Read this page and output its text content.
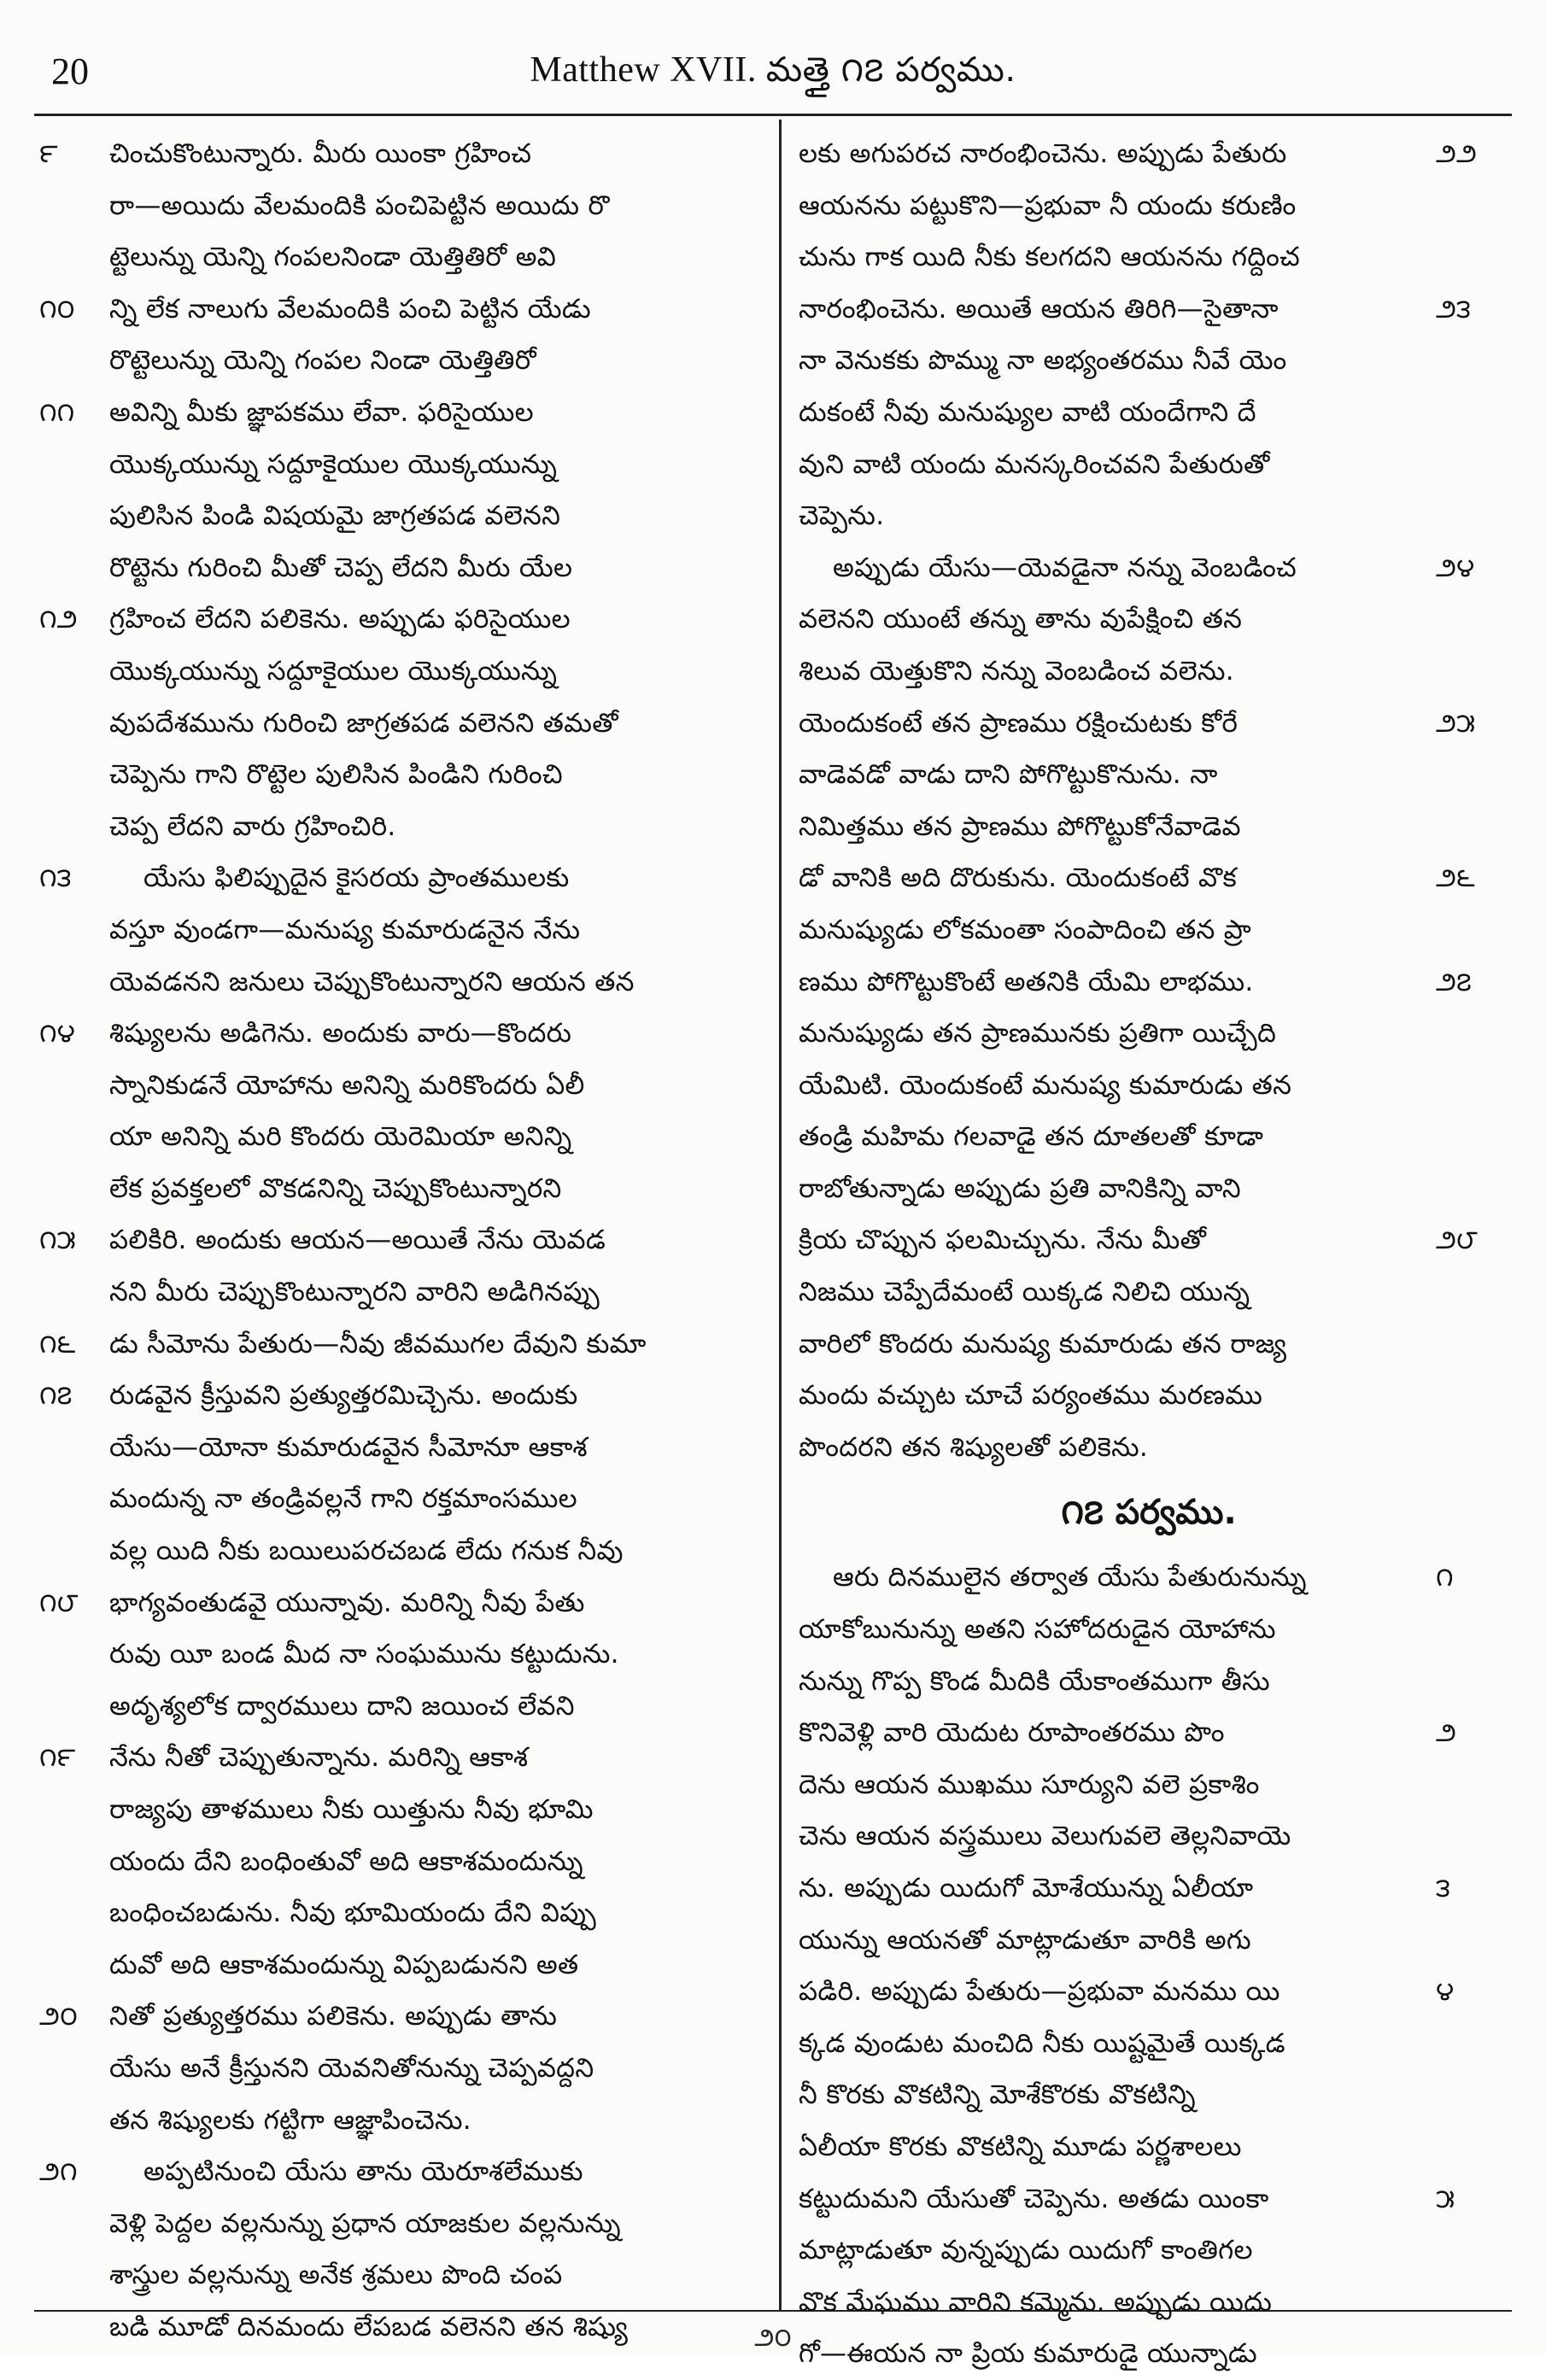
20	Matthew XVII. మత్తై ౧౭ పర్వము.
౯	చించుకొంటున్నారు. మీరు యింకా గ్రహించ
రా—అయిదు వేలమందికి పంచిపెట్టిన అయిదు రొ
ట్టెలున్ను యెన్ని గంపలనిండా యెత్తితిరో అవి
౧౦	న్ని లేక నాలుగు వేలమందికి పంచి పెట్టిన యేడు
రొట్టెలున్ను యెన్ని గంపల నిండా యెత్తితిరో
౧౧	అవిన్ని మీకు జ్ఞాపకము లేవా. ఫరిసైయుల
యొక్కయున్ను సద్దూకైయుల యొక్కయున్ను
పులిసిన పిండి విషయమై జాగ్రతపడ వలెనని
రొట్టెను గురించి మీతో చెప్ప లేదని మీరు యేల
౧౨	గ్రహించ లేదని పలికెను. అప్పుడు ఫరిసైయుల
యొక్కయున్ను సద్దూకైయుల యొక్కయున్ను
వుపదేశమును గురించి జాగ్రతపడ వలెనని తమతో
చెప్పెను గాని రొట్టెల పులిసిన పిండిని గురించి
చెప్ప లేదని వారు గ్రహించిరి.
౧౩	యేసు ఫిలిప్పుదైన కైసరయ ప్రాంతములకు
వస్తూ వుండగా—మనుష్య కుమారుడనైన నేను
యెవడనని జనులు చెప్పుకొంటున్నారని ఆయన తన
౧౪	శిష్యులను అడిగెను. అందుకు వారు—కొందరు
స్నానికుడనే యోహాను అనిన్ని మరికొందరు ఏలీ
యా అనిన్ని మరి కొందరు యెరెమియా అనిన్ని
లేక ప్రవక్తలలో వొకడనిన్ని చెప్పుకొంటున్నారని
౧౫	పలికిరి. అందుకు ఆయన—అయితే నేను యెవడ
నని మీరు చెప్పుకొంటున్నారని వారిని అడిగినప్పు
౧౬	డు సీమోను పేతురు—నీవు జీవముగల దేవుని కుమా
౧౭	రుడవైన క్రీస్తువని ప్రత్యుత్తరమిచ్చెను. అందుకు
యేసు—యోనా కుమారుడవైన సీమోనూ ఆకాశ
మందున్న నా తండ్రివల్లనే గాని రక్తమాంసముల
వల్ల యిది నీకు బయిలుపరచబడ లేదు గనుక నీవు
౧౮	భాగ్యవంతుడవై యున్నావు. మరిన్ని నీవు పేతు
రువు యీ బండ మీద నా సంఘమును కట్టుదును.
అదృశ్యలోక ద్వారములు దాని జయించ లేవని
౧౯	నేను నీతో చెప్పుతున్నాను. మరిన్ని ఆకాశ
రాజ్యపు తాళములు నీకు యిత్తును నీవు భూమి
యందు దేని బంధింతువో అది ఆకాశమందున్ను
బంధించబడును. నీవు భూమియందు దేని విప్పు
దువో అది ఆకాశమందున్ను విప్పబడునని అత
౨౦	నితో ప్రత్యుత్తరము పలికెను. అప్పుడు తాను
యేసు అనే క్రీస్తునని యెవనితోనున్ను చెప్పవద్దని
తన శిష్యులకు గట్టిగా ఆజ్ఞాపించెను.
౨౧	అప్పటినుంచి యేసు తాను యెరూశలేముకు
వెళ్లి పెద్దల వల్లనున్ను ప్రధాన యాజకుల వల్లనున్ను
శాస్త్రుల వల్లనున్ను అనేక శ్రమలు పొంది చంప
బడి మూడో దినమందు లేపబడ వలెనని తన శిష్యు
౨౨
లకు అగుపరచ నారంభించెను. అప్పుడు పేతురు
ఆయనను పట్టుకొని—ప్రభువా నీ యందు కరుణిం
చును గాక యిది నీకు కలగదని ఆయనను గద్దించ
౨౩
నారంభించెను. అయితే ఆయన తిరిగి—సైతానా
నా వెనుకకు పొమ్ము నా అభ్యంతరము నీవే యెం
దుకంటే నీవు మనుష్యుల వాటి యందేగాని దే
వుని వాటి యందు మనస్కరించవని పేతురుతో
చెప్పెను.
౨౪
అప్పుడు యేసు—యెవడైనా నన్ను వెంబడించ
వలెనని యుంటే తన్ను తాను వుపేక్షించి తన
శిలువ యెత్తుకొని నన్ను వెంబడించ వలెను.
౨౫
యెందుకంటే తన ప్రాణము రక్షించుటకు కోరే
వాడెవడో వాడు దాని పోగొట్టుకొనును. నా
నిమిత్తము తన ప్రాణము పోగొట్టుకోనేవాడెవ
౨౬
డో వానికి అది దొరుకును. యెందుకంటే వొక
మనుష్యుడు లోకమంతా సంపాదించి తన ప్రా
౨౭
ణము పోగొట్టుకొంటే అతనికి యేమి లాభము.
మనుష్యుడు తన ప్రాణమునకు ప్రతిగా యిచ్చేది
యేమిటి. యెందుకంటే మనుష్య కుమారుడు తన
తండ్రి మహిమ గలవాడై తన దూతలతో కూడా
రాబోతున్నాడు అప్పుడు ప్రతి వానికిన్ని వాని
౨౮
క్రియ చొప్పున ఫలమిచ్చును. నేను మీతో
నిజము చెప్పేదేమంటే యిక్కడ నిలిచి యున్న
వారిలో కొందరు మనుష్య కుమారుడు తన రాజ్య
మందు వచ్చుట చూచే పర్యంతము మరణము
పొందరని తన శిష్యులతో పలికెను.
౧౭ పర్వము.
౧
ఆరు దినములైన తర్వాత యేసు పేతురునున్ను
యాకోబునున్ను అతని సహోదరుడైన యోహాను
నున్ను గొప్ప కొండ మీదికి యేకాంతముగా తీసు
౨
కొనివెళ్లి వారి యెదుట రూపాంతరము పొం
దెను ఆయన ముఖము సూర్యుని వలె ప్రకాశిం
చెను ఆయన వస్త్రములు వెలుగువలె తెల్లనివాయె
౩
ను. అప్పుడు యిదుగో మోశేయున్ను ఏలీయా
యున్ను ఆయనతో మాట్లాడుతూ వారికి అగు
౪
పడిరి. అప్పుడు పేతురు—ప్రభువా మనము యి
క్కడ వుండుట మంచిది నీకు యిష్టమైతే యిక్కడ
నీ కొరకు వొకటిన్ని మోశేకొరకు వొకటిన్ని
ఏలీయా కొరకు వొకటిన్ని మూడు పర్ణశాలలు
౫
కట్టుదుమని యేసుతో చెప్పెను. అతడు యింకా
మాట్లాడుతూ వున్నప్పుడు యిదుగో కాంతిగల
వొక మేఘము వారిని కమ్మెను. అప్పుడు యిదు
గో—ఈయన నా ప్రియ కుమారుడై యున్నాడు
౨౦
